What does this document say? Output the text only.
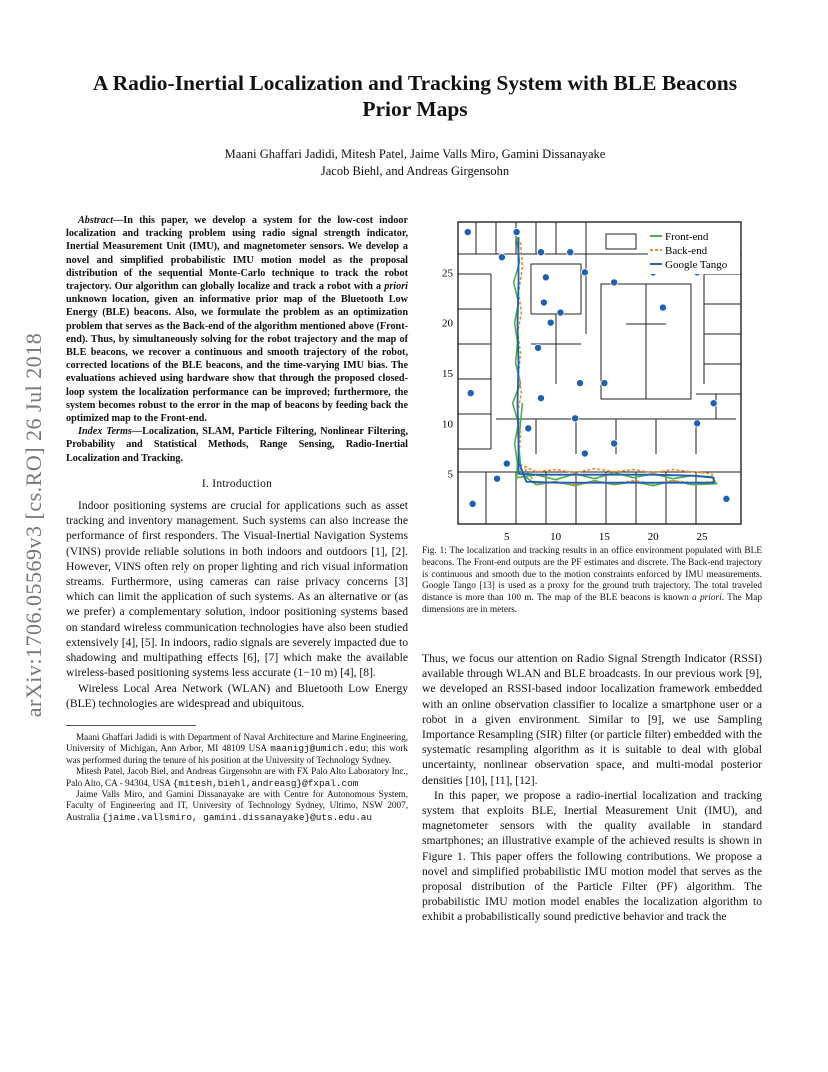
arXiv:1706.05569v3 [cs.RO] 26 Jul 2018
A Radio-Inertial Localization and Tracking System with BLE Beacons Prior Maps
Maani Ghaffari Jadidi, Mitesh Patel, Jaime Valls Miro, Gamini Dissanayake
Jacob Biehl, and Andreas Girgensohn

Abstract—In this paper, we develop a system for the low-cost indoor localization and tracking problem using radio signal strength indicator, Inertial Measurement Unit (IMU), and magnetometer sensors. We develop a novel and simplified probabilistic IMU motion model as the proposal distribution of the sequential Monte-Carlo technique to track the robot trajectory. Our algorithm can globally localize and track a robot with a priori unknown location, given an informative prior map of the Bluetooth Low Energy (BLE) beacons. Also, we formulate the problem as an optimization problem that serves as the Back-end of the algorithm mentioned above (Front-end). Thus, by simultaneously solving for the robot trajectory and the map of BLE beacons, we recover a continuous and smooth trajectory of the robot, corrected locations of the BLE beacons, and the time-varying IMU bias. The evaluations achieved using hardware show that through the proposed closed-loop system the localization performance can be improved; furthermore, the system becomes robust to the error in the map of beacons by feeding back the optimized map to the Front-end.

Index Terms—Localization, SLAM, Particle Filtering, Nonlinear Filtering, Probability and Statistical Methods, Range Sensing, Radio-Inertial Localization and Tracking.

I. Introduction

Indoor positioning systems are crucial for applications such as asset tracking and inventory management. Such systems can also increase the performance of first responders. The Visual-Inertial Navigation Systems (VINS) provide reliable solutions in both indoors and outdoors [1], [2]. However, VINS often rely on proper lighting and rich visual information streams. Furthermore, using cameras can raise privacy concerns [3] which can limit the application of such systems. As an alternative or (as we prefer) a complementary solution, indoor positioning systems based on standard wireless communication technologies have also been studied extensively [4], [5]. In indoors, radio signals are severely impacted due to shadowing and multipathing effects [6], [7] which make the available wireless-based positioning systems less accurate (1−10 m) [4], [8].

Wireless Local Area Network (WLAN) and Bluetooth Low Energy (BLE) technologies are widespread and ubiquitous.

Maani Ghaffari Jadidi is with Department of Naval Architecture and Marine Engineering, University of Michigan, Ann Arbor, MI 48109 USA maanigj@umich.edu; this work was performed during the tenure of his position at the University of Technology Sydney.

Mitesh Patel, Jacob Biel, and Andreas Girgensohn are with FX Palo Alto Laboratory Inc., Palo Alto, CA - 94304, USA {mitesh,biehl,andreasg}@fxpal.com

Jaime Valls Miro, and Gamini Dissanayake are with Centre for Autonomous System, Faculty of Engineering and IT, University of Technology Sydney, Ultimo, NSW 2007, Australia {jaime.vallsmiro, gamini.dissanayake}@uts.edu.au

5	10	15	20	25
5
10
15
20
25
Front-end
Back-end
Google Tango
Fig. 1: The localization and tracking results in an office environment populated with BLE beacons. The Front-end outputs are the PF estimates and discrete. The Back-end trajectory is continuous and smooth due to the motion constraints enforced by IMU measurements. Google Tango [13] is used as a proxy for the ground truth trajectory. The total traveled distance is more than 100 m. The map of the BLE beacons is known a priori. The Map dimensions are in meters.

Thus, we focus our attention on Radio Signal Strength Indicator (RSSI) available through WLAN and BLE broadcasts. In our previous work [9], we developed an RSSI-based indoor localization framework embedded with an online observation classifier to localize a smartphone user or a robot in a given environment. Similar to [9], we use Sampling Importance Resampling (SIR) filter (or particle filter) embedded with the systematic resampling algorithm as it is suitable to deal with global uncertainty, nonlinear observation space, and multi-modal posterior densities [10], [11], [12].

In this paper, we propose a radio-inertial localization and tracking system that exploits BLE, Inertial Measurement Unit (IMU), and magnetometer sensors with the quality available in standard smartphones; an illustrative example of the achieved results is shown in Figure 1. This paper offers the following contributions. We propose a novel and simplified probabilistic IMU motion model that serves as the proposal distribution of the Particle Filter (PF) algorithm. The probabilistic IMU motion model enables the localization algorithm to exhibit a probabilistically sound predictive behavior and track the
